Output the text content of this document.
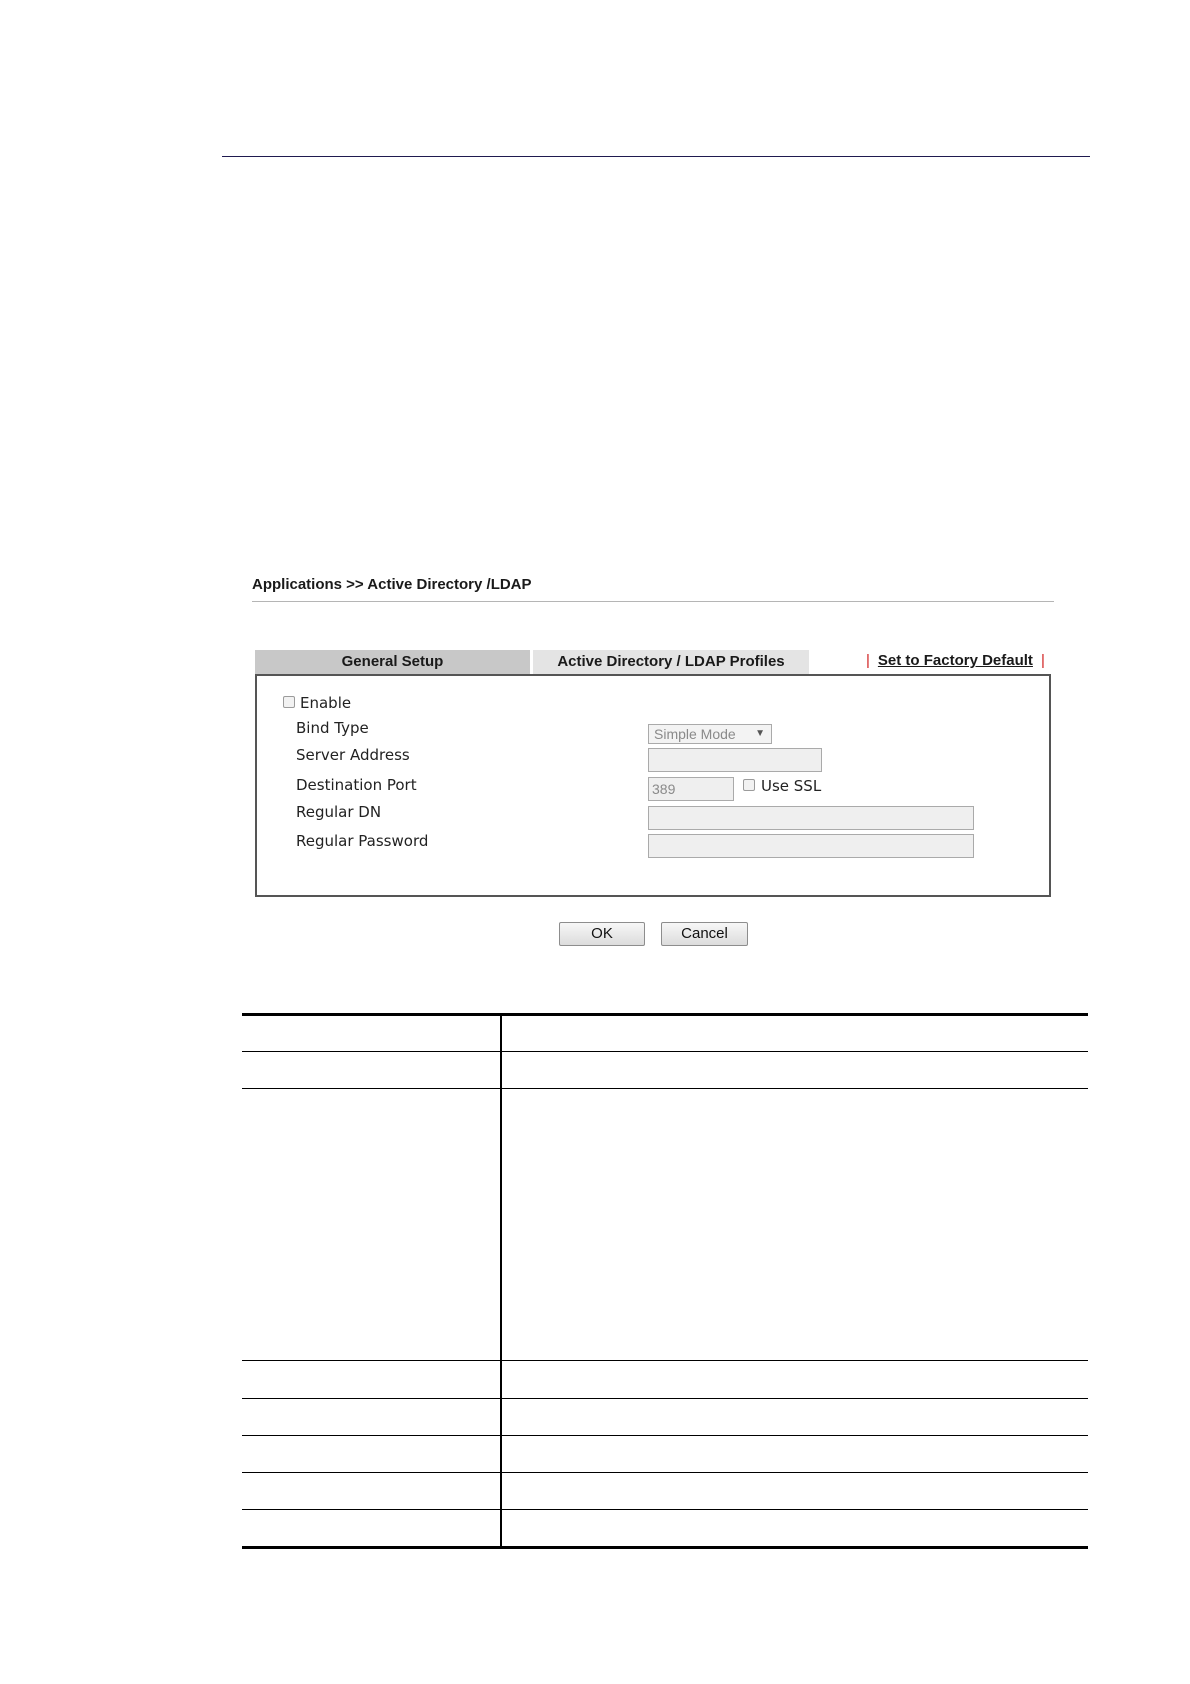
Applications >> Active Directory /LDAP
General Setup	Active Directory / LDAP Profiles	| Set to Factory Default |
Enable
Bind Type	Simple Mode ▼
Server Address
Destination Port	389	Use SSL
Regular DN
Regular Password
OK	Cancel
